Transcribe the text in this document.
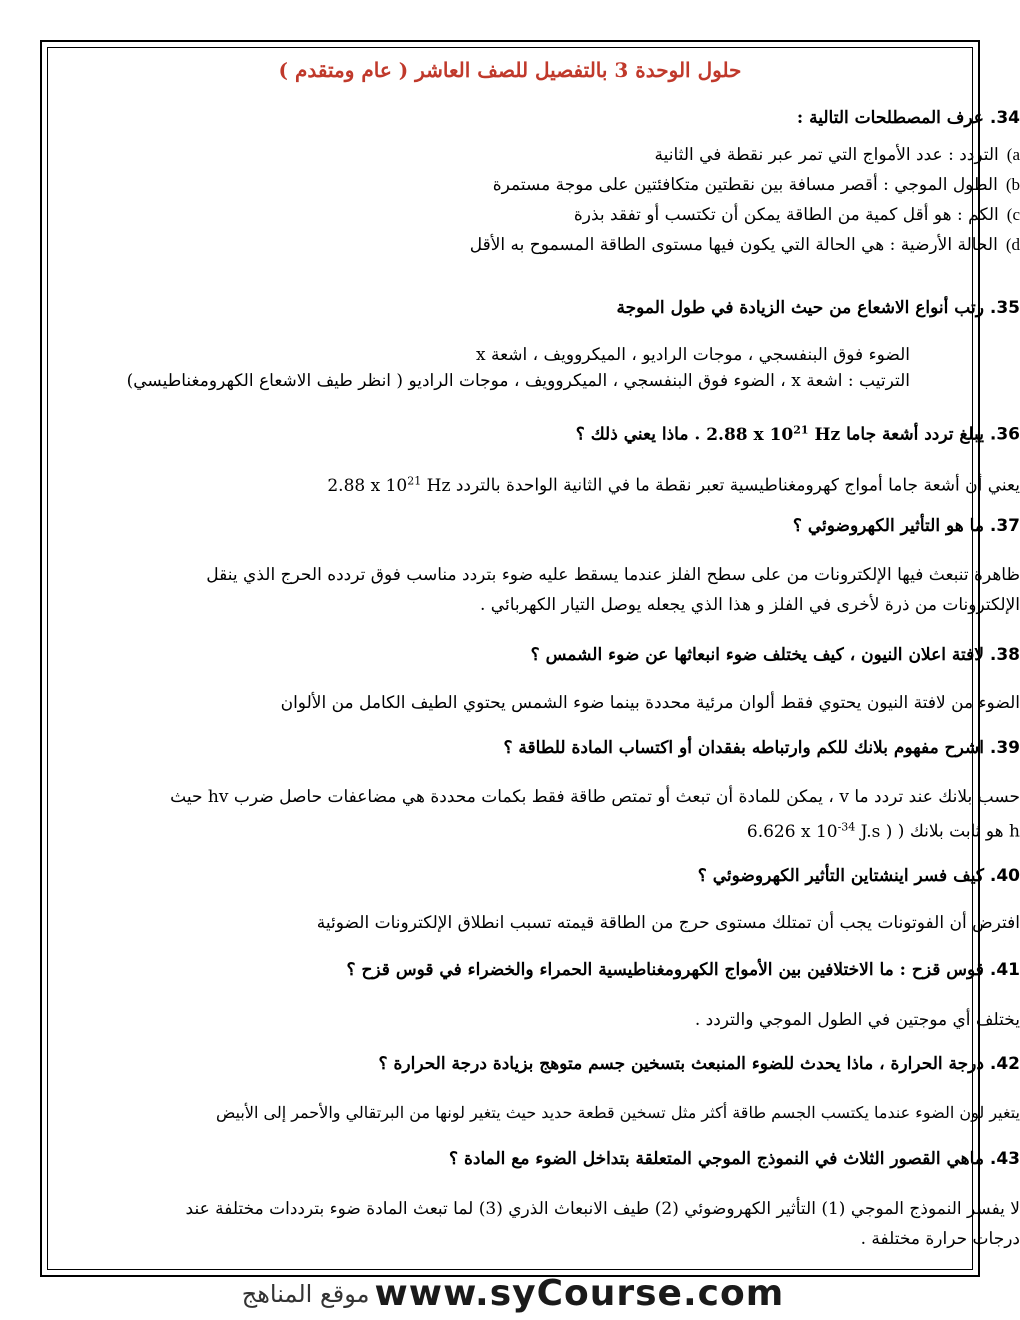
حلول الوحدة 3 بالتفصيل للصف العاشر ( عام ومتقدم )

34. عرف المصطلحات التالية :

a)التردد : عدد الأمواج التي تمر عبر نقطة في الثانية
b)الطول الموجي : أقصر مسافة بين نقطتين متكافئتين على موجة مستمرة
c)الكم : هو أقل كمية من الطاقة يمكن أن تكتسب أو تفقد بذرة
d)الحالة الأرضية : هي الحالة التي يكون فيها مستوى الطاقة المسموح به الأقل

35. رتب أنواع الاشعاع من حيث الزيادة في طول الموجة

الضوء فوق البنفسجي ، موجات الراديو ، الميكروويف ، اشعة x

الترتيب : اشعة x ، الضوء فوق البنفسجي ، الميكروويف ، موجات الراديو ( انظر طيف الاشعاع الكهرومغناطيسي)

36. يبلغ تردد أشعة جاما 2.88 x $10^{21}$ Hz . ماذا يعني ذلك ؟

يعني أن أشعة جاما أمواج كهرومغناطيسية تعبر نقطة ما في الثانية الواحدة بالتردد 2.88 x $10^{21}$ Hz

37. ما هو التأثير الكهروضوئي ؟

ظاهرة تنبعث فيها الإلكترونات من على سطح الفلز عندما يسقط عليه ضوء بتردد مناسب فوق تردده الحرج الذي ينقل

الإلكترونات من ذرة لأخرى في الفلز و هذا الذي يجعله يوصل التيار الكهربائي .

38. لافتة اعلان النيون ، كيف يختلف ضوء انبعاثها عن ضوء الشمس ؟

الضوء من لافتة النيون يحتوي فقط ألوان مرئية محددة بينما ضوء الشمس يحتوي الطيف الكامل من الألوان

39. اشرح مفهوم بلانك للكم وارتباطه بفقدان أو اكتساب المادة للطاقة ؟

حسب بلانك عند تردد ما v ، يمكن للمادة أن تبعث أو تمتص طاقة فقط بكمات محددة هي مضاعفات حاصل ضرب hv حيث

h هو ثابت بلانك ( 6.626 x $10^{-34}$ J.s )

40. كيف فسر اينشتاين التأثير الكهروضوئي ؟

افترض أن الفوتونات يجب أن تمتلك مستوى حرج من الطاقة قيمته تسبب انطلاق الإلكترونات الضوئية

41. قوس قزح : ما الاختلافين بين الأمواج الكهرومغناطيسية الحمراء والخضراء في قوس قزح ؟

يختلف أي موجتين في الطول الموجي والتردد .

42. درجة الحرارة ، ماذا يحدث للضوء المنبعث بتسخين جسم متوهج بزيادة درجة الحرارة ؟

يتغير لون الضوء عندما يكتسب الجسم طاقة أكثر مثل تسخين قطعة حديد حيث يتغير لونها من البرتقالي والأحمر إلى الأبيض

43. ماهي القصور الثلاث في النموذج الموجي المتعلقة بتداخل الضوء مع المادة ؟

لا يفسر النموذج الموجي (1) التأثير الكهروضوئي (2) طيف الانبعاث الذري (3) لما تبعث المادة ضوء بترددات مختلفة عند

درجات حرارة مختلفة .

موقع المناهج www.syCourse.com
